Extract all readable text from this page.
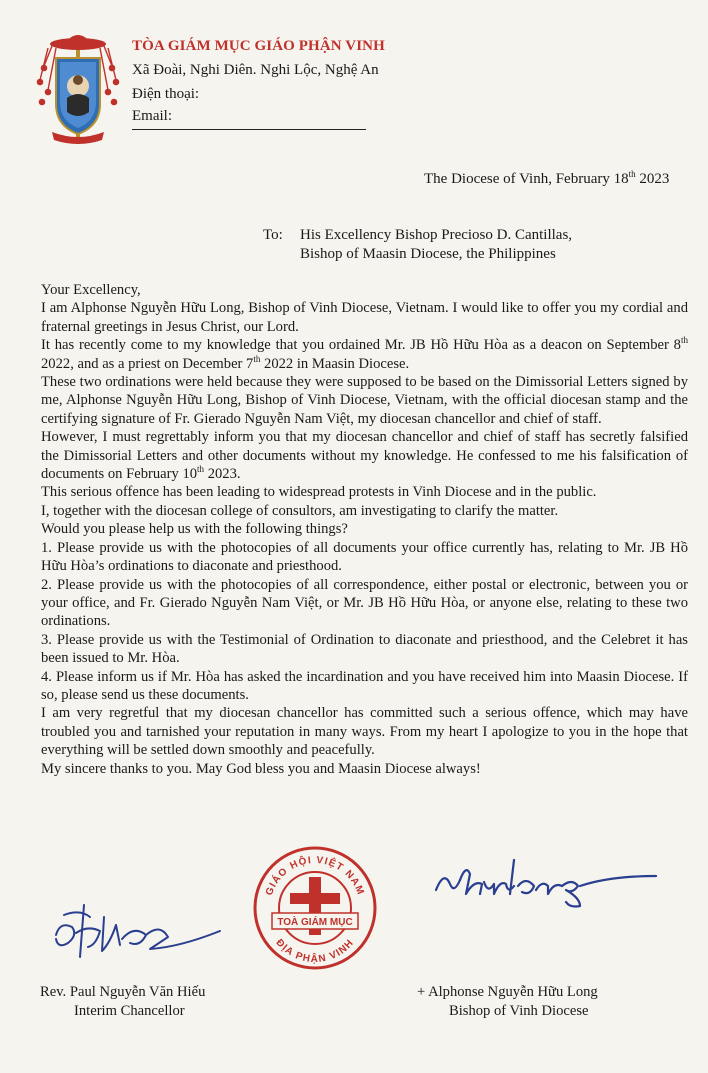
TÒA GIÁM MỤC GIÁO PHẬN VINH
Xã Đoài, Nghi Diên. Nghi Lộc, Nghệ An
Điện thoại:
Email:
The Diocese of Vinh, February 18th 2023
To: His Excellency Bishop Precioso D. Cantillas,
Bishop of Maasin Diocese, the Philippines

Your Excellency,

I am Alphonse Nguyễn Hữu Long, Bishop of Vinh Diocese, Vietnam. I would like to offer you my cordial and fraternal greetings in Jesus Christ, our Lord.

It has recently come to my knowledge that you ordained Mr. JB Hồ Hữu Hòa as a deacon on September 8th 2022, and as a priest on December 7th 2022 in Maasin Diocese.

These two ordinations were held because they were supposed to be based on the Dimissorial Letters signed by me, Alphonse Nguyễn Hữu Long, Bishop of Vinh Diocese, Vietnam, with the official diocesan stamp and the certifying signature of Fr. Gierado Nguyễn Nam Việt, my diocesan chancellor and chief of staff.

However, I must regrettably inform you that my diocesan chancellor and chief of staff has secretly falsified the Dimissorial Letters and other documents without my knowledge. He confessed to me his falsification of documents on February 10th 2023.

This serious offence has been leading to widespread protests in Vinh Diocese and in the public.

I, together with the diocesan college of consultors, am investigating to clarify the matter.

Would you please help us with the following things?

1. Please provide us with the photocopies of all documents your office currently has, relating to Mr. JB Hồ Hữu Hòa’s ordinations to diaconate and priesthood.

2. Please provide us with the photocopies of all correspondence, either postal or electronic, between you or your office, and Fr. Gierado Nguyễn Nam Việt, or Mr. JB Hồ Hữu Hòa, or anyone else, relating to these two ordinations.

3. Please provide us with the Testimonial of Ordination to diaconate and priesthood, and the Celebret it has been issued to Mr. Hòa.

4. Please inform us if Mr. Hòa has asked the incardination and you have received him into Maasin Diocese. If so, please send us these documents.

I am very regretful that my diocesan chancellor has committed such a serious offence, which may have troubled you and tarnished your reputation in many ways. From my heart I apologize to you in the hope that everything will be settled down smoothly and peacefully.

My sincere thanks to you. May God bless you and Maasin Diocese always!

TOÀ GIÁM MỤC
GIÁO HỘI VIỆT NAM
ĐỊA PHẬN VINH
Rev. Paul Nguyễn Văn Hiếu
Interim Chancellor
+ Alphonse Nguyễn Hữu Long
Bishop of Vinh Diocese
